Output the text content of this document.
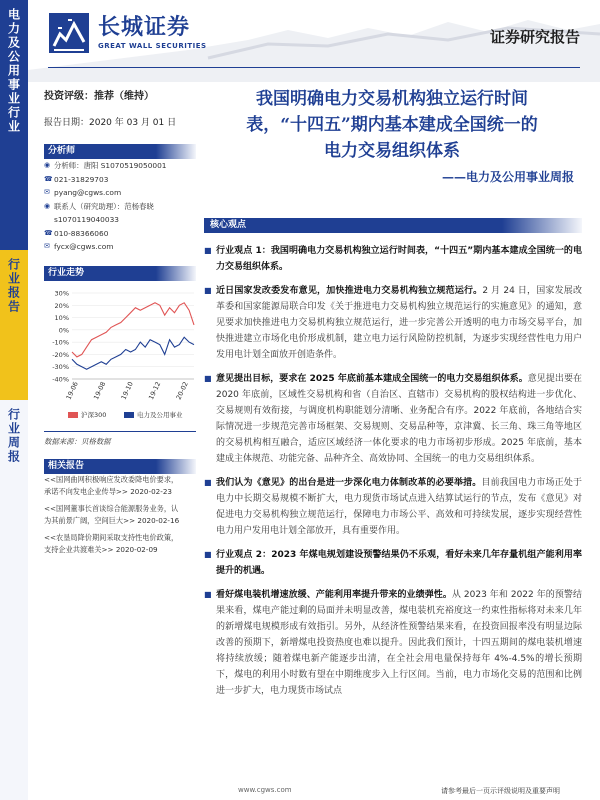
电力及公用事业行业
行业报告
行业周报
长城证券
GREAT WALL SECURITIES	证券研究报告
投资评级：推荐（维持）
报告日期：2020 年 03 月 01 日
分析师

◉ 分析师：唐阳 S1070519050001

☎ 021-31829703

✉ pyang@cgws.com

◉ 联系人（研究助理）：范杨春晓

s1070119040033

☎ 010-88366060

✉ fycx@cgws.com

行业走势
30%
20%
10%
0%
-10%
-20%
-30%
-40%
19-06 19-08 19-10 19-12 20-02
沪深300	电力及公用事业
数据来源：贝格数据
相关报告

<<国网曲网积极响应发改委降电价要求，

承诺不向发电企业传导>> 2020-02-23

<<国网董事长首谈综合能源服务业务，认

为其前景广阔，空间巨大>> 2020-02-16

<<农垦局降价期间采取支持性电价政策，

支持企业共渡难关>> 2020-02-09

我国明确电力交易机构独立运行时间
表，“十四五”期内基本建成全国统一的
电力交易组织体系
——电力及公用事业周报
核心观点
■ 行业观点 1：我国明确电力交易机构独立运行时间表，“十四五”期内基本建成全国统一的电力交易组织体系。
■ 近日国家发改委发布意见，加快推进电力交易机构独立规范运行。2 月 24 日，国家发展改革委和国家能源局联合印发《关于推进电力交易机构独立规范运行的实施意见》的通知，意见要求加快推进电力交易机构独立规范运行，进一步完善公开透明的电力市场交易平台，加快推进建立市场化电价形成机制，建立电力运行风险防控机制，为逐步实现经营性电力用户发用电计划全面放开创造条件。
■ 意见提出目标，要求在 2025 年底前基本建成全国统一的电力交易组织体系。意见提出要在 2020 年底前，区域性交易机构和省（自治区、直辖市）交易机构的股权结构进一步优化、交易规则有效衔接，与调度机构职能划分清晰、业务配合有序。2022 年底前，各地结合实际情况进一步规范完善市场框架、交易规则、交易品种等，京津冀、长三角、珠三角等地区的交易机构相互融合，适应区域经济一体化要求的电力市场初步形成。2025 年底前，基本建成主体规范、功能完备、品种齐全、高效协同、全国统一的电力交易组织体系。
■ 我们认为《意见》的出台是进一步深化电力体制改革的必要举措。目前我国电力市场正处于电力中长期交易规模不断扩大，电力现货市场试点进入结算试运行的节点，发布《意见》对促进电力交易机构独立规范运行，保障电力市场公平、高效和可持续发展，逐步实现经营性电力用户发用电计划全部放开，具有重要作用。
■ 行业观点 2：2023 年煤电规划建设预警结果仍不乐观，看好未来几年存量机组产能利用率提升的机遇。
■ 看好煤电装机增速放缓、产能利用率提升带来的业绩弹性。从 2023 年和 2022 年的预警结果来看，煤电产能过剩的局面并未明显改善，煤电装机充裕度这一约束性指标将对未来几年的新增煤电规模形成有效指引。另外，从经济性预警结果来看，在投资回报率没有明显边际改善的预期下，新增煤电投资热度也难以提升。因此我们预计，十四五期间的煤电装机增速将持续放缓；随着煤电新产能逐步出清，在全社会用电量保持每年 4%-4.5%的增长预期下，煤电的利用小时数有望在中期维度步入上行区间。当前，电力市场化交易的范围和比例进一步扩大，电力现货市场试点
www.cgws.com	请参考最后一页示评级说明及重要声明
